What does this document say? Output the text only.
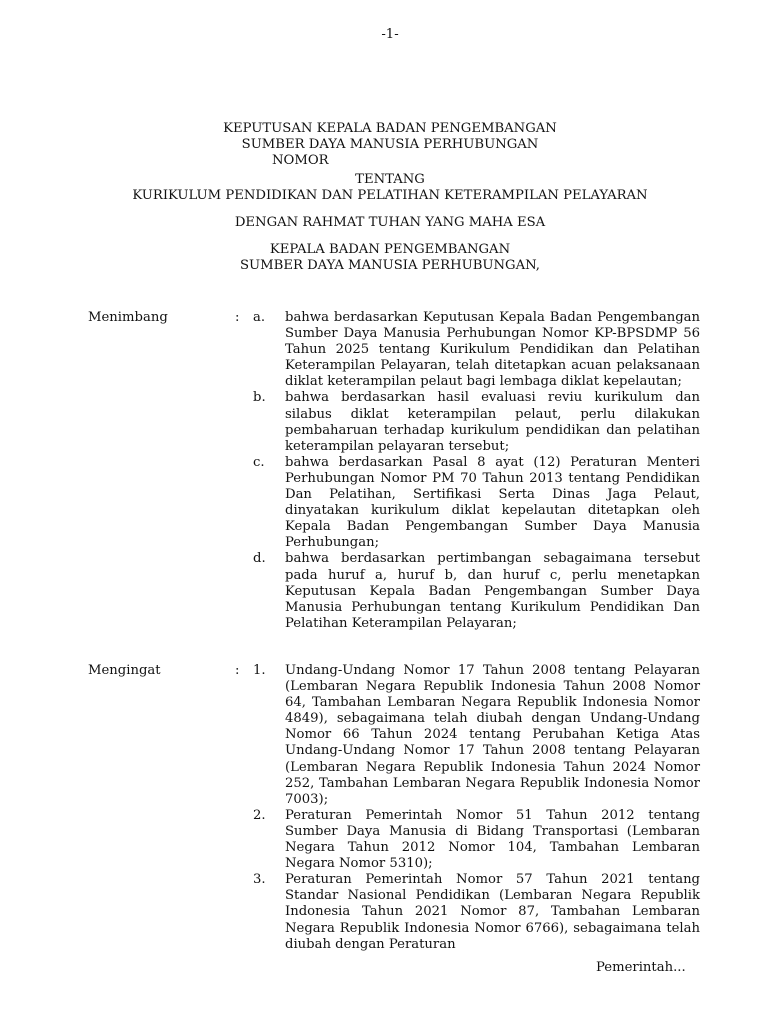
-1-
KEPUTUSAN KEPALA BADAN PENGEMBANGAN
SUMBER DAYA MANUSIA PERHUBUNGAN
NOMOR
TENTANG
KURIKULUM PENDIDIKAN DAN PELATIHAN KETERAMPILAN PELAYARAN
DENGAN RAHMAT TUHAN YANG MAHA ESA
KEPALA BADAN PENGEMBANGAN
SUMBER DAYA MANUSIA PERHUBUNGAN,
Menimbang	: a. bahwa berdasarkan Keputusan Kepala Badan Pengembangan Sumber Daya Manusia Perhubungan Nomor KP-BPSDMP 56 Tahun 2025 tentang Kurikulum Pendidikan dan Pelatihan Keterampilan Pelayaran, telah ditetapkan acuan pelaksanaan diklat keterampilan pelaut bagi lembaga diklat kepelautan;
b. bahwa berdasarkan hasil evaluasi reviu kurikulum dan silabus diklat keterampilan pelaut, perlu dilakukan pembaharuan terhadap kurikulum pendidikan dan pelatihan keterampilan pelayaran tersebut;
c. bahwa berdasarkan Pasal 8 ayat (12) Peraturan Menteri Perhubungan Nomor PM 70 Tahun 2013 tentang Pendidikan Dan Pelatihan, Sertifikasi Serta Dinas Jaga Pelaut, dinyatakan kurikulum diklat kepelautan ditetapkan oleh Kepala Badan Pengembangan Sumber Daya Manusia Perhubungan;
d. bahwa berdasarkan pertimbangan sebagaimana tersebut pada huruf a, huruf b, dan huruf c, perlu menetapkan Keputusan Kepala Badan Pengembangan Sumber Daya Manusia Perhubungan tentang Kurikulum Pendidikan Dan Pelatihan Keterampilan Pelayaran;
Mengingat	: 1. Undang-Undang Nomor 17 Tahun 2008 tentang Pelayaran (Lembaran Negara Republik Indonesia Tahun 2008 Nomor 64, Tambahan Lembaran Negara Republik Indonesia Nomor 4849), sebagaimana telah diubah dengan Undang-Undang Nomor 66 Tahun 2024 tentang Perubahan Ketiga Atas Undang-Undang Nomor 17 Tahun 2008 tentang Pelayaran (Lembaran Negara Republik Indonesia Tahun 2024 Nomor 252, Tambahan Lembaran Negara Republik Indonesia Nomor 7003);
2. Peraturan Pemerintah Nomor 51 Tahun 2012 tentang Sumber Daya Manusia di Bidang Transportasi (Lembaran Negara Tahun 2012 Nomor 104, Tambahan Lembaran Negara Nomor 5310);
3. Peraturan Pemerintah Nomor 57 Tahun 2021 tentang Standar Nasional Pendidikan (Lembaran Negara Republik Indonesia Tahun 2021 Nomor 87, Tambahan Lembaran Negara Republik Indonesia Nomor 6766), sebagaimana telah diubah dengan Peraturan
Pemerintah...
